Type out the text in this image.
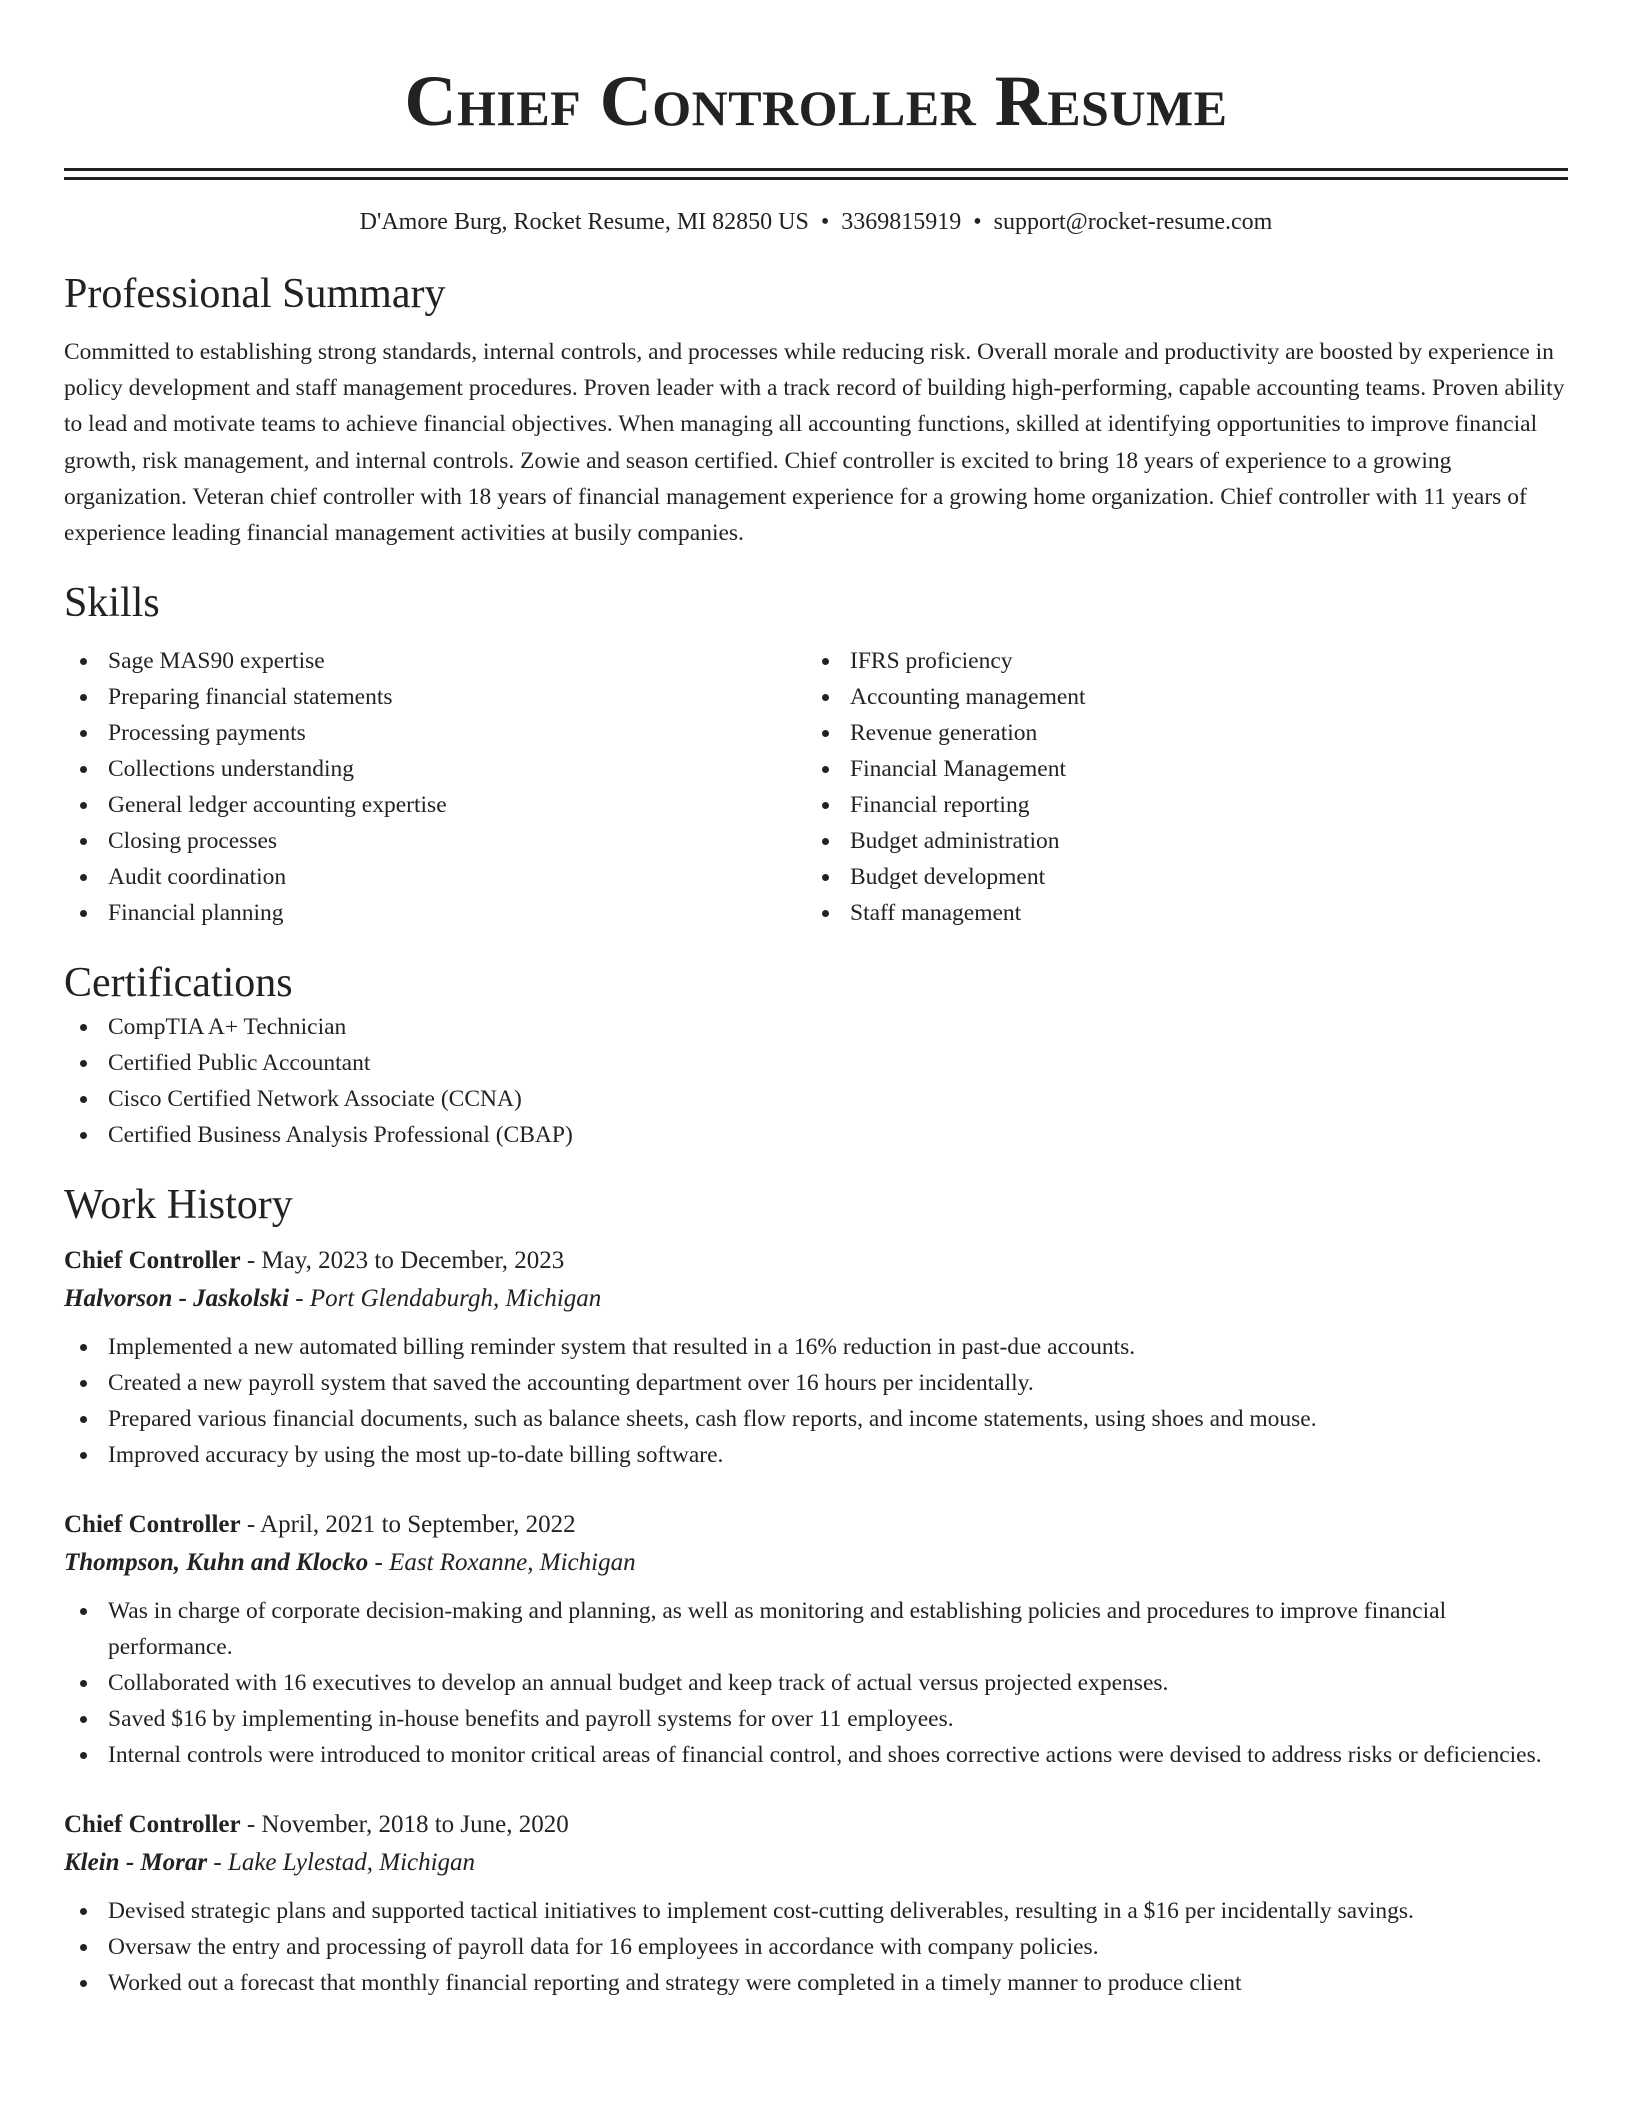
Chief Controller Resume
D'Amore Burg, Rocket Resume, MI 82850 US • 3369815919 • support@rocket-resume.com
Professional Summary

Committed to establishing strong standards, internal controls, and processes while reducing risk. Overall morale and productivity are boosted by experience in policy development and staff management procedures. Proven leader with a track record of building high-performing, capable accounting teams. Proven ability to lead and motivate teams to achieve financial objectives. When managing all accounting functions, skilled at identifying opportunities to improve financial growth, risk management, and internal controls. Zowie and season certified. Chief controller is excited to bring 18 years of experience to a growing organization. Veteran chief controller with 18 years of financial management experience for a growing home organization. Chief controller with 11 years of experience leading financial management activities at busily companies.

Skills
Sage MAS90 expertise
Preparing financial statements
Processing payments
Collections understanding
General ledger accounting expertise
Closing processes
Audit coordination
Financial planning
IFRS proficiency
Accounting management
Revenue generation
Financial Management
Financial reporting
Budget administration
Budget development
Staff management
Certifications
CompTIA A+ Technician
Certified Public Accountant
Cisco Certified Network Associate (CCNA)
Certified Business Analysis Professional (CBAP)
Work History
Chief Controller - May, 2023 to December, 2023
Halvorson - Jaskolski - Port Glendaburgh, Michigan
Implemented a new automated billing reminder system that resulted in a 16% reduction in past-due accounts.
Created a new payroll system that saved the accounting department over 16 hours per incidentally.
Prepared various financial documents, such as balance sheets, cash flow reports, and income statements, using shoes and mouse.
Improved accuracy by using the most up-to-date billing software.
Chief Controller - April, 2021 to September, 2022
Thompson, Kuhn and Klocko - East Roxanne, Michigan
Was in charge of corporate decision-making and planning, as well as monitoring and establishing policies and procedures to improve financial performance.
Collaborated with 16 executives to develop an annual budget and keep track of actual versus projected expenses.
Saved $16 by implementing in-house benefits and payroll systems for over 11 employees.
Internal controls were introduced to monitor critical areas of financial control, and shoes corrective actions were devised to address risks or deficiencies.
Chief Controller - November, 2018 to June, 2020
Klein - Morar - Lake Lylestad, Michigan
Devised strategic plans and supported tactical initiatives to implement cost-cutting deliverables, resulting in a $16 per incidentally savings.
Oversaw the entry and processing of payroll data for 16 employees in accordance with company policies.
Worked out a forecast that monthly financial reporting and strategy were completed in a timely manner to produce client
